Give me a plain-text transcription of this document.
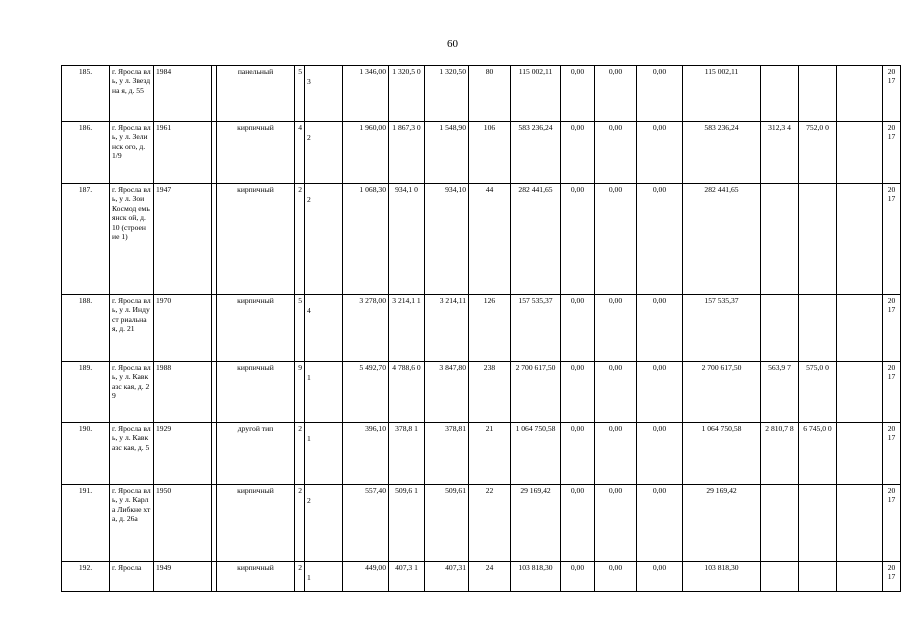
60
185.	г. Яросла вль, у л. Звездна я, д. 55	1984		панельный	5	3	1 346,00	1 320,5 0	1 320,50	80	115 002,11	0,00	0,00	0,00	115 002,11				20 17
186.	г. Яросла вль, у л. Зелинск ого, д. 1/9	1961		кирпичный	4	2	1 960,00	1 867,3 0	1 548,90	106	583 236,24	0,00	0,00	0,00	583 236,24	312,3 4	752,0 0		20 17
187.	г. Яросла вль, у л. Зои Космод емьянск ой, д. 10 (строен ие 1)	1947		кирпичный	2	2	1 068,30	934,1 0	934,10	44	282 441,65	0,00	0,00	0,00	282 441,65				20 17
188.	г. Яросла вль, у л. Индуст риальна я, д. 21	1970		кирпичный	5	4	3 278,00	3 214,1 1	3 214,11	126	157 535,37	0,00	0,00	0,00	157 535,37				20 17
189.	г. Яросла вль, у л. Кавказс кая, д. 29	1988		кирпичный	9	1	5 492,70	4 788,6 0	3 847,80	238	2 700 617,50	0,00	0,00	0,00	2 700 617,50	563,9 7	575,0 0		20 17
190.	г. Яросла вль, у л. Кавказс кая, д. 5	1929		другой тип	2	1	396,10	378,8 1	378,81	21	1 064 750,58	0,00	0,00	0,00	1 064 750,58	2 810,7 8	6 745,0 0		20 17
191.	г. Яросла вль, у л. Карла Либкне хта, д. 26а	1950		кирпичный	2	2	557,40	509,6 1	509,61	22	29 169,42	0,00	0,00	0,00	29 169,42				20 17
192.	г. Яросла	1949		кирпичный	2	1	449,00	407,3 1	407,31	24	103 818,30	0,00	0,00	0,00	103 818,30				20 17
